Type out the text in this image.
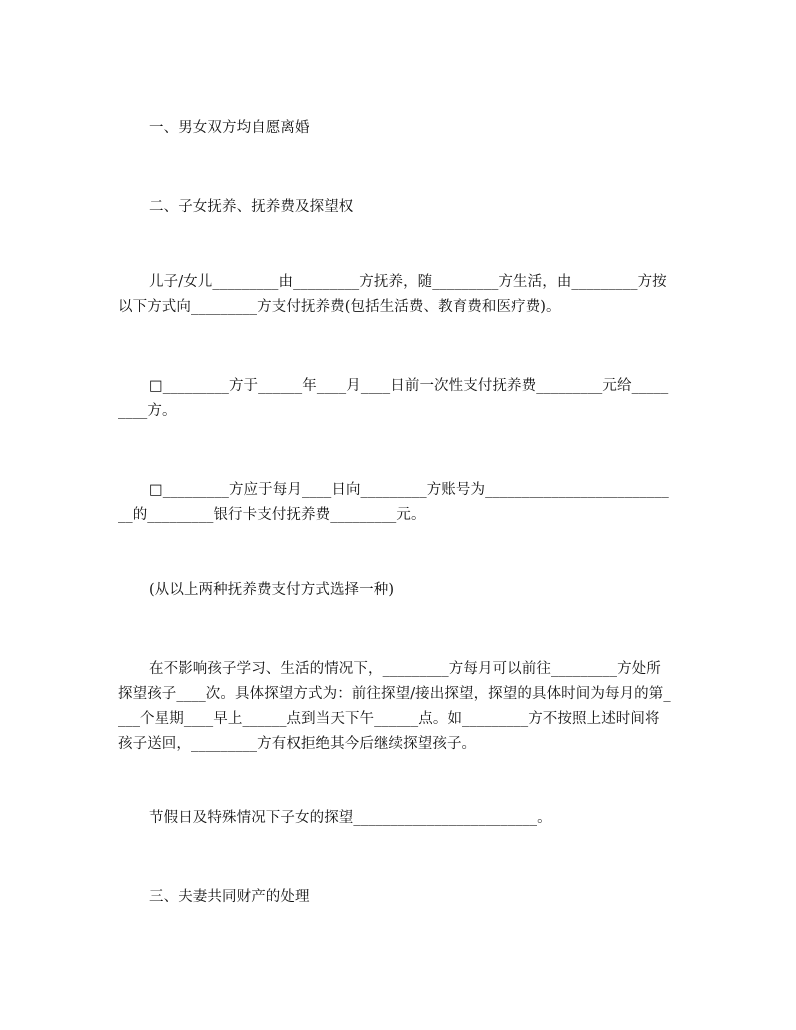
一、男女双方均自愿离婚
二、子女抚养、抚养费及探望权
儿子/女儿_________由_________方抚养，随_________方生活，由_________方按以下方式向_________方支付抚养费(包括生活费、教育费和医疗费)。
□_________方于______年____月____日前一次性支付抚养费_________元给_________方。
□_________方应于每月____日向_________方账号为___________________________的_________银行卡支付抚养费_________元。
(从以上两种抚养费支付方式选择一种)
在不影响孩子学习、生活的情况下，_________方每月可以前往_________方处所探望孩子____次。具体探望方式为：前往探望/接出探望，探望的具体时间为每月的第____个星期____早上______点到当天下午______点。如_________方不按照上述时间将孩子送回，_________方有权拒绝其今后继续探望孩子。
节假日及特殊情况下子女的探望_________________________。
三、夫妻共同财产的处理
